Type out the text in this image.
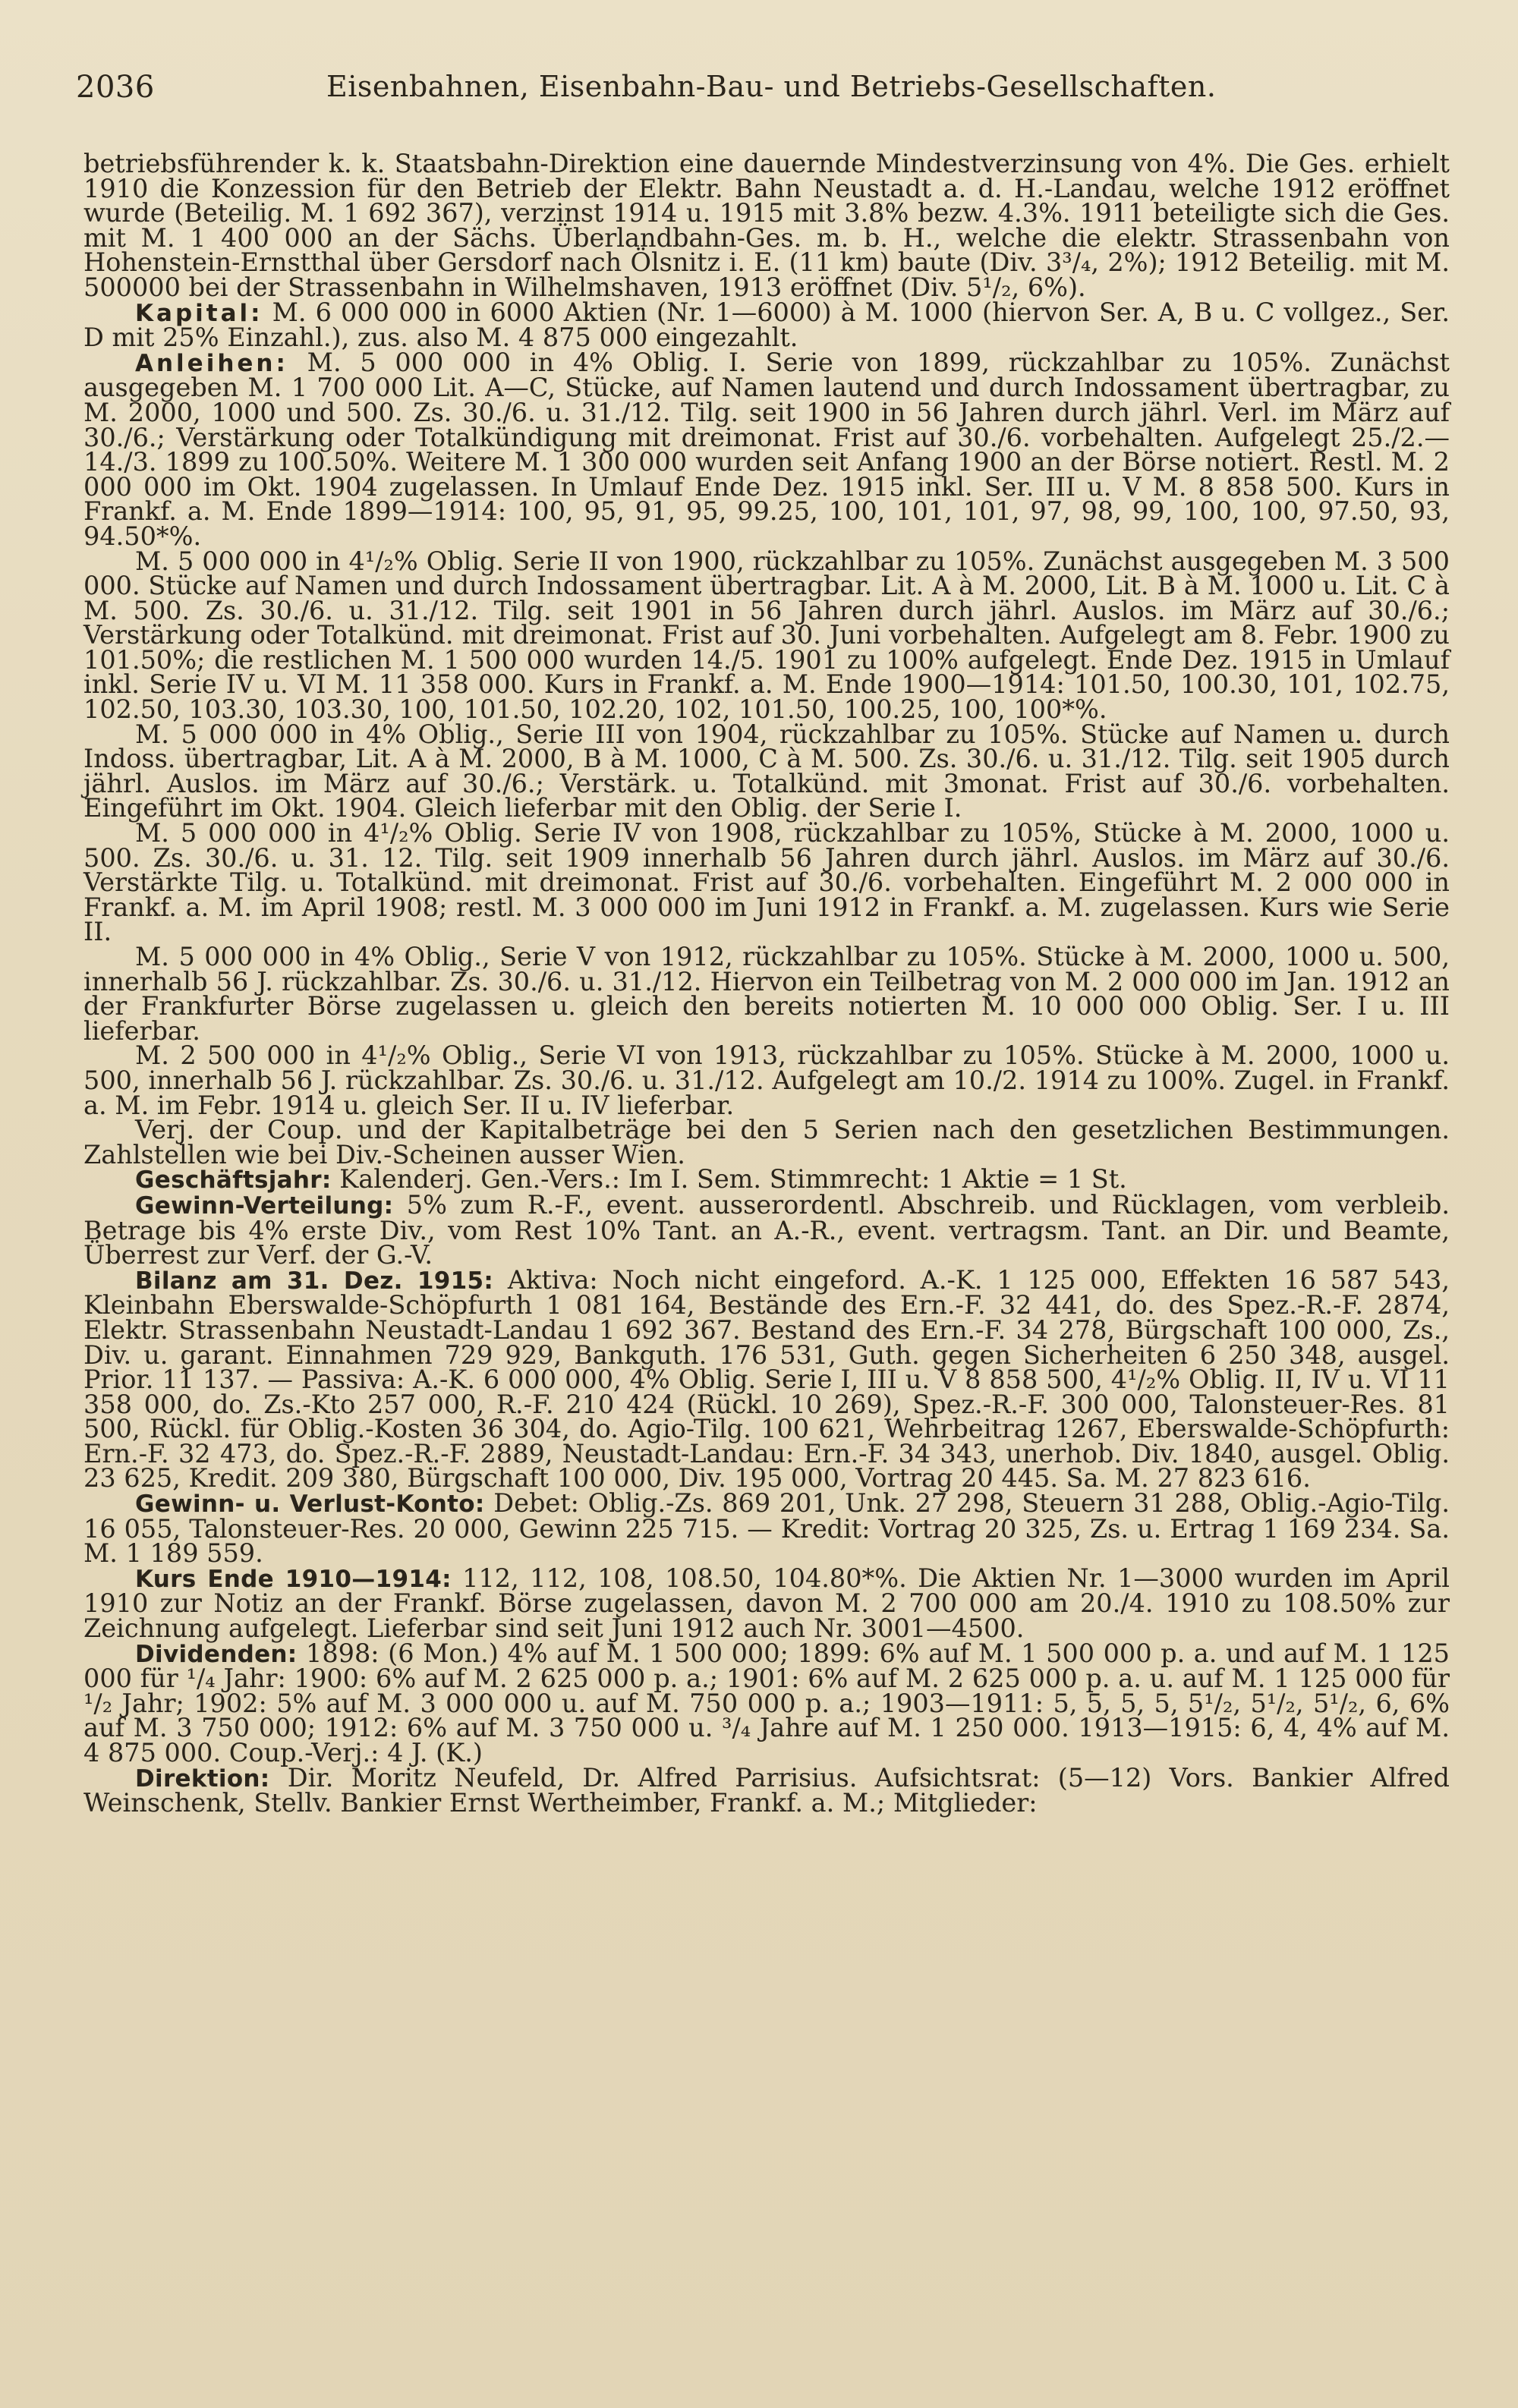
2036	Eisenbahnen, Eisenbahn-Bau- und Betriebs-Gesellschaften.

betriebsführender k. k. Staatsbahn-Direktion eine dauernde Mindestverzinsung von 4%. Die Ges. erhielt 1910 die Konzession für den Betrieb der Elektr. Bahn Neustadt a. d. H.-Landau, welche 1912 eröffnet wurde (Beteilig. M. 1 692 367), verzinst 1914 u. 1915 mit 3.8% bezw. 4.3%. 1911 beteiligte sich die Ges. mit M. 1 400 000 an der Sächs. Überlandbahn-Ges. m. b. H., welche die elektr. Strassenbahn von Hohenstein-Ernstthal über Gersdorf nach Ölsnitz i. E. (11 km) baute (Div. 3³/₄, 2%); 1912 Beteilig. mit M. 500000 bei der Strassenbahn in Wilhelmshaven, 1913 eröffnet (Div. 5¹/₂, 6%).

Kapital: M. 6 000 000 in 6000 Aktien (Nr. 1—6000) à M. 1000 (hiervon Ser. A, B u. C vollgez., Ser. D mit 25% Einzahl.), zus. also M. 4 875 000 eingezahlt.

Anleihen: M. 5 000 000 in 4% Oblig. I. Serie von 1899, rückzahlbar zu 105%. Zunächst ausgegeben M. 1 700 000 Lit. A—C, Stücke, auf Namen lautend und durch Indossament übertragbar, zu M. 2000, 1000 und 500. Zs. 30./6. u. 31./12. Tilg. seit 1900 in 56 Jahren durch jährl. Verl. im März auf 30./6.; Verstärkung oder Totalkündigung mit dreimonat. Frist auf 30./6. vorbehalten. Aufgelegt 25./2.—14./3. 1899 zu 100.50%. Weitere M. 1 300 000 wurden seit Anfang 1900 an der Börse notiert. Restl. M. 2 000 000 im Okt. 1904 zugelassen. In Umlauf Ende Dez. 1915 inkl. Ser. III u. V M. 8 858 500. Kurs in Frankf. a. M. Ende 1899—1914: 100, 95, 91, 95, 99.25, 100, 101, 101, 97, 98, 99, 100, 100, 97.50, 93, 94.50*%.

M. 5 000 000 in 4¹/₂% Oblig. Serie II von 1900, rückzahlbar zu 105%. Zunächst ausgegeben M. 3 500 000. Stücke auf Namen und durch Indossament übertragbar. Lit. A à M. 2000, Lit. B à M. 1000 u. Lit. C à M. 500. Zs. 30./6. u. 31./12. Tilg. seit 1901 in 56 Jahren durch jährl. Auslos. im März auf 30./6.; Verstärkung oder Totalkünd. mit dreimonat. Frist auf 30. Juni vorbehalten. Aufgelegt am 8. Febr. 1900 zu 101.50%; die restlichen M. 1 500 000 wurden 14./5. 1901 zu 100% aufgelegt. Ende Dez. 1915 in Umlauf inkl. Serie IV u. VI M. 11 358 000. Kurs in Frankf. a. M. Ende 1900—1914: 101.50, 100.30, 101, 102.75, 102.50, 103.30, 103.30, 100, 101.50, 102.20, 102, 101.50, 100.25, 100, 100*%.

M. 5 000 000 in 4% Oblig., Serie III von 1904, rückzahlbar zu 105%. Stücke auf Namen u. durch Indoss. übertragbar, Lit. A à M. 2000, B à M. 1000, C à M. 500. Zs. 30./6. u. 31./12. Tilg. seit 1905 durch jährl. Auslos. im März auf 30./6.; Verstärk. u. Totalkünd. mit 3monat. Frist auf 30./6. vorbehalten. Eingeführt im Okt. 1904. Gleich lieferbar mit den Oblig. der Serie I.

M. 5 000 000 in 4¹/₂% Oblig. Serie IV von 1908, rückzahlbar zu 105%, Stücke à M. 2000, 1000 u. 500. Zs. 30./6. u. 31. 12. Tilg. seit 1909 innerhalb 56 Jahren durch jährl. Auslos. im März auf 30./6. Verstärkte Tilg. u. Totalkünd. mit dreimonat. Frist auf 30./6. vorbehalten. Eingeführt M. 2 000 000 in Frankf. a. M. im April 1908; restl. M. 3 000 000 im Juni 1912 in Frankf. a. M. zugelassen. Kurs wie Serie II.

M. 5 000 000 in 4% Oblig., Serie V von 1912, rückzahlbar zu 105%. Stücke à M. 2000, 1000 u. 500, innerhalb 56 J. rückzahlbar. Zs. 30./6. u. 31./12. Hiervon ein Teilbetrag von M. 2 000 000 im Jan. 1912 an der Frankfurter Börse zugelassen u. gleich den bereits notierten M. 10 000 000 Oblig. Ser. I u. III lieferbar.

M. 2 500 000 in 4¹/₂% Oblig., Serie VI von 1913, rückzahlbar zu 105%. Stücke à M. 2000, 1000 u. 500, innerhalb 56 J. rückzahlbar. Zs. 30./6. u. 31./12. Aufgelegt am 10./2. 1914 zu 100%. Zugel. in Frankf. a. M. im Febr. 1914 u. gleich Ser. II u. IV lieferbar.

Verj. der Coup. und der Kapitalbeträge bei den 5 Serien nach den gesetzlichen Bestimmungen. Zahlstellen wie bei Div.-Scheinen ausser Wien.

Geschäftsjahr: Kalenderj. Gen.-Vers.: Im I. Sem. Stimmrecht: 1 Aktie = 1 St.

Gewinn-Verteilung: 5% zum R.-F., event. ausserordentl. Abschreib. und Rücklagen, vom verbleib. Betrage bis 4% erste Div., vom Rest 10% Tant. an A.-R., event. vertragsm. Tant. an Dir. und Beamte, Überrest zur Verf. der G.-V.

Bilanz am 31. Dez. 1915: Aktiva: Noch nicht eingeford. A.-K. 1 125 000, Effekten 16 587 543, Kleinbahn Eberswalde-Schöpfurth 1 081 164, Bestände des Ern.-F. 32 441, do. des Spez.-R.-F. 2874, Elektr. Strassenbahn Neustadt-Landau 1 692 367. Bestand des Ern.-F. 34 278, Bürgschaft 100 000, Zs., Div. u. garant. Einnahmen 729 929, Bankguth. 176 531, Guth. gegen Sicherheiten 6 250 348, ausgel. Prior. 11 137. — Passiva: A.-K. 6 000 000, 4% Oblig. Serie I, III u. V 8 858 500, 4¹/₂% Oblig. II, IV u. VI 11 358 000, do. Zs.-Kto 257 000, R.-F. 210 424 (Rückl. 10 269), Spez.-R.-F. 300 000, Talonsteuer-Res. 81 500, Rückl. für Oblig.-Kosten 36 304, do. Agio-Tilg. 100 621, Wehrbeitrag 1267, Eberswalde-Schöpfurth: Ern.-F. 32 473, do. Spez.-R.-F. 2889, Neustadt-Landau: Ern.-F. 34 343, unerhob. Div. 1840, ausgel. Oblig. 23 625, Kredit. 209 380, Bürgschaft 100 000, Div. 195 000, Vortrag 20 445. Sa. M. 27 823 616.

Gewinn- u. Verlust-Konto: Debet: Oblig.-Zs. 869 201, Unk. 27 298, Steuern 31 288, Oblig.-Agio-Tilg. 16 055, Talonsteuer-Res. 20 000, Gewinn 225 715. — Kredit: Vortrag 20 325, Zs. u. Ertrag 1 169 234. Sa. M. 1 189 559.

Kurs Ende 1910—1914: 112, 112, 108, 108.50, 104.80*%. Die Aktien Nr. 1—3000 wurden im April 1910 zur Notiz an der Frankf. Börse zugelassen, davon M. 2 700 000 am 20./4. 1910 zu 108.50% zur Zeichnung aufgelegt. Lieferbar sind seit Juni 1912 auch Nr. 3001—4500.

Dividenden: 1898: (6 Mon.) 4% auf M. 1 500 000; 1899: 6% auf M. 1 500 000 p. a. und auf M. 1 125 000 für ¹/₄ Jahr: 1900: 6% auf M. 2 625 000 p. a.; 1901: 6% auf M. 2 625 000 p. a. u. auf M. 1 125 000 für ¹/₂ Jahr; 1902: 5% auf M. 3 000 000 u. auf M. 750 000 p. a.; 1903—1911: 5, 5, 5, 5, 5¹/₂, 5¹/₂, 5¹/₂, 6, 6% auf M. 3 750 000; 1912: 6% auf M. 3 750 000 u. ³/₄ Jahre auf M. 1 250 000. 1913—1915: 6, 4, 4% auf M. 4 875 000. Coup.-Verj.: 4 J. (K.)

Direktion: Dir. Moritz Neufeld, Dr. Alfred Parrisius. Aufsichtsrat: (5—12) Vors. Bankier Alfred Weinschenk, Stellv. Bankier Ernst Wertheimber, Frankf. a. M.; Mitglieder:
